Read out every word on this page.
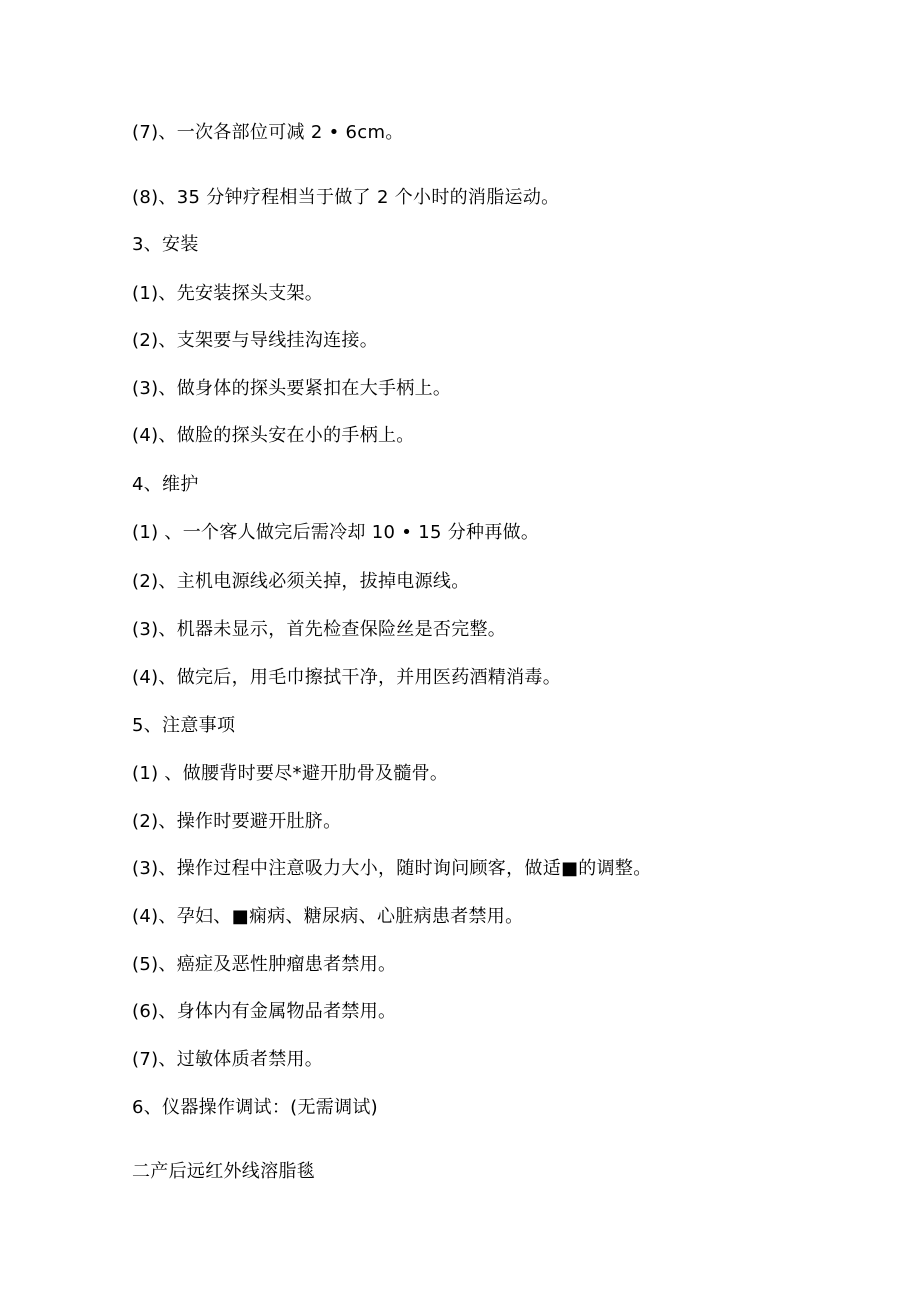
(7)、一次各部位可减 2 • 6cm。
(8)、35 分钟疗程相当于做了 2 个小时的消脂运动。
3、安装
(1)、先安装探头支架。
(2)、支架要与导线挂沟连接。
(3)、做身体的探头要紧扣在大手柄上。
(4)、做脸的探头安在小的手柄上。
4、维护
(1) 、一个客人做完后需冷却 10 • 15 分种再做。
(2)、主机电源线必须关掉，拔掉电源线。
(3)、机器未显示，首先检查保险丝是否完整。
(4)、做完后，用毛巾擦拭干净，并用医药酒精消毒。
5、注意事项
(1) 、做腰背时要尽*避开肋骨及髓骨。
(2)、操作时要避开肚脐。
(3)、操作过程中注意吸力大小，随时询问顾客，做适■的调整。
(4)、孕妇、■痫病、糖尿病、心脏病患者禁用。
(5)、癌症及恶性肿瘤患者禁用。
(6)、身体内有金属物品者禁用。
(7)、过敏体质者禁用。
6、仪器操作调试：(无需调试)
二产后远红外线溶脂毯
